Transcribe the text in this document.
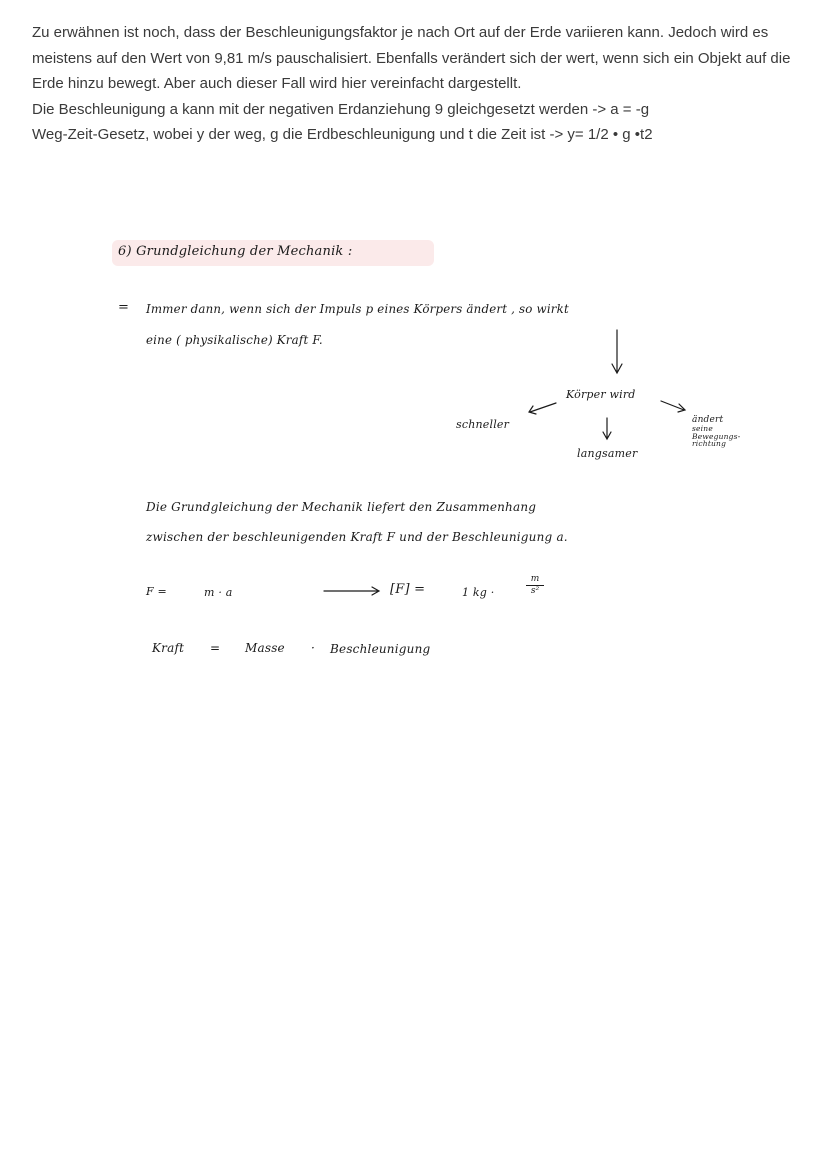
Zu erwähnen ist noch, dass der Beschleunigungsfaktor je nach Ort auf der Erde variieren kann. Jedoch wird es meistens auf den Wert von 9,81 m/s pauschalisiert. Ebenfalls verändert sich der wert, wenn sich ein Objekt auf die Erde hinzu bewegt. Aber auch dieser Fall wird hier vereinfacht dargestellt.

Die Beschleunigung a kann mit der negativen Erdanziehung 9 gleichgesetzt werden -> a = -g

Weg-Zeit-Gesetz, wobei y der weg, g die Erdbeschleunigung und t die Zeit ist -> y= 1/2 • g •t2

6) Grundgleichung der Mechanik :
= Immer dann, wenn sich der Impuls p eines Körpers ändert , so wirkt
eine ( physikalische) Kraft F.
Körper wird
schneller
langsamer
ändert
seine
Bewegungs-
richtung
Die Grundgleichung der Mechanik liefert den Zusammenhang
zwischen der beschleunigenden Kraft F und der Beschleunigung a.
F =	m · a	[F] =	1 kg ·
m
s²
Kraft = Masse · Beschleunigung
